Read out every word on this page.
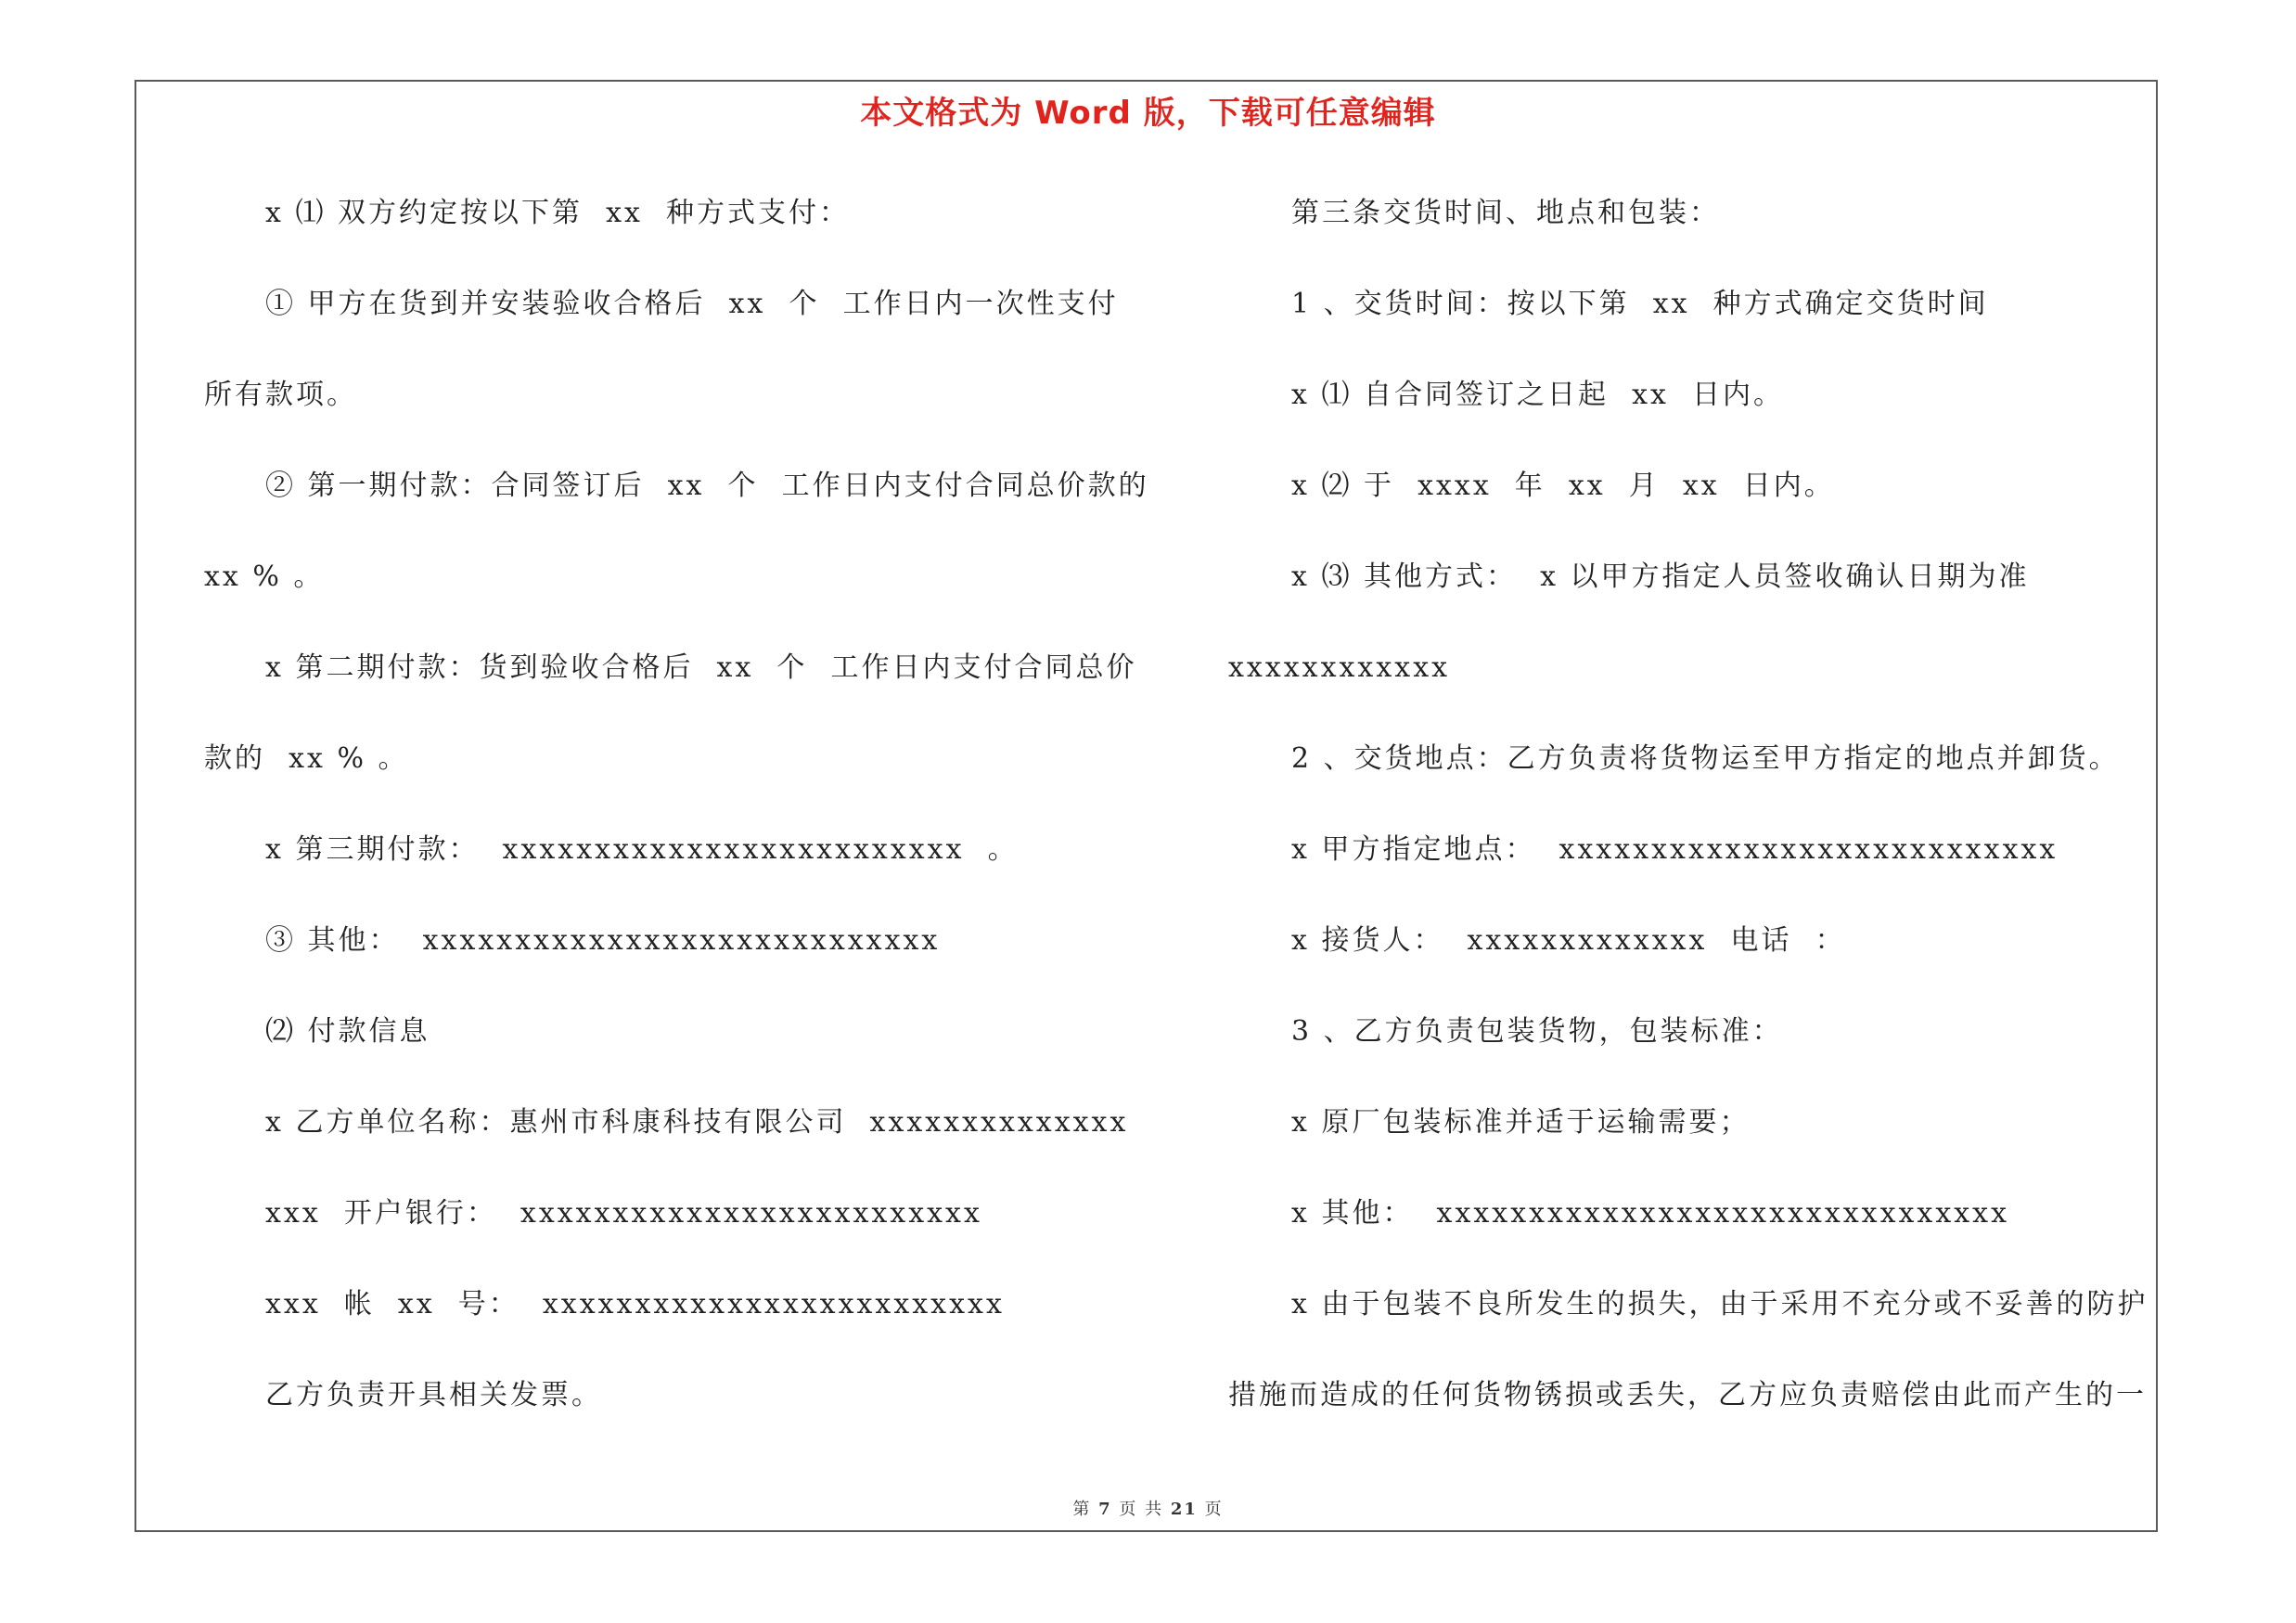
本文格式为 Word 版，下载可任意编辑
x ⑴ 双方约定按以下第  xx  种方式支付：
① 甲方在货到并安装验收合格后  xx  个  工作日内一次性支付
所有款项。
② 第一期付款：合同签订后  xx  个  工作日内支付合同总价款的
xx % 。
x 第二期付款：货到验收合格后  xx  个  工作日内支付合同总价
款的  xx % 。
x 第三期付款：  xxxxxxxxxxxxxxxxxxxxxxxxx  。
③ 其他：  xxxxxxxxxxxxxxxxxxxxxxxxxxxx
⑵ 付款信息
x 乙方单位名称：惠州市科康科技有限公司  xxxxxxxxxxxxxx
xxx  开户银行：  xxxxxxxxxxxxxxxxxxxxxxxxx
xxx  帐  xx  号：  xxxxxxxxxxxxxxxxxxxxxxxxx
乙方负责开具相关发票。
第三条交货时间、地点和包装：
1 、交货时间：按以下第  xx  种方式确定交货时间
x ⑴ 自合同签订之日起  xx  日内。
x ⑵ 于  xxxx  年  xx  月  xx  日内。
x ⑶ 其他方式：  x 以甲方指定人员签收确认日期为准
xxxxxxxxxxxx
2 、交货地点：乙方负责将货物运至甲方指定的地点并卸货。
x 甲方指定地点：  xxxxxxxxxxxxxxxxxxxxxxxxxxx
x 接货人：  xxxxxxxxxxxxx  电话  ：
3 、乙方负责包装货物，包装标准：
x 原厂包装标准并适于运输需要；
x 其他：  xxxxxxxxxxxxxxxxxxxxxxxxxxxxxxx
x 由于包装不良所发生的损失，由于采用不充分或不妥善的防护
措施而造成的任何货物锈损或丢失，乙方应负责赔偿由此而产生的一
第 7 页 共 21 页
